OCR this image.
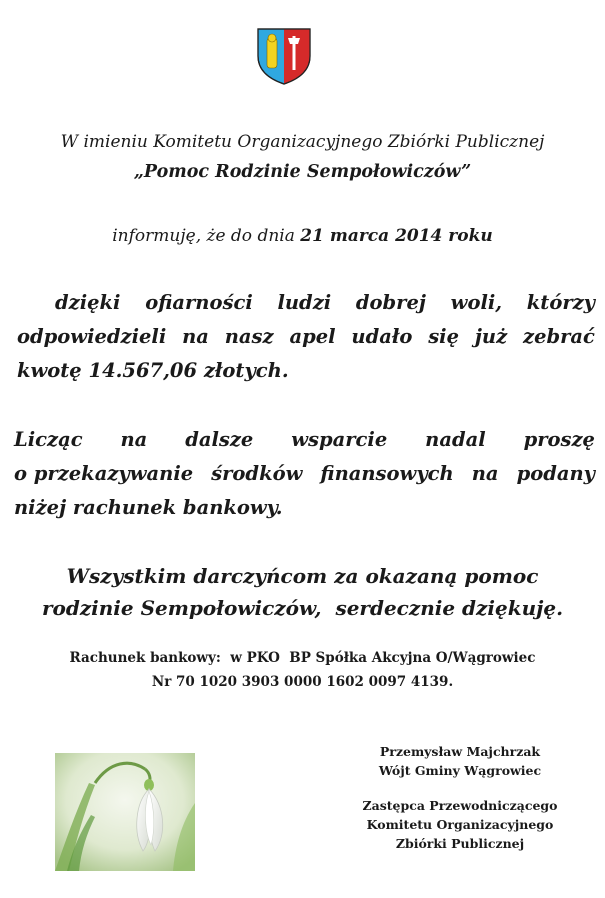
W imieniu Komitetu Organizacyjnego Zbiórki Publicznej
„Pomoc Rodzinie Sempołowiczów”
informuję, że do dnia 21 marca 2014 roku
dzięki ofiarności ludzi dobrej woli, którzy
odpowiedzieli na nasz apel udało się już zebrać
kwotę 14.567,06 złotych.
Licząc na dalsze wsparcie nadal proszę
o przekazywanie środków finansowych na podany
niżej rachunek bankowy.
Wszystkim darczyńcom za okazaną pomoc
rodzinie Sempołowiczów,  serdecznie dziękuję.
Rachunek bankowy:  w PKO  BP Spółka Akcyjna O/Wągrowiec
Nr 70 1020 3903 0000 1602 0097 4139.
Przemysław Majchrzak
Wójt Gminy Wągrowiec
Zastępca Przewodniczącego
Komitetu Organizacyjnego
Zbiórki Publicznej
